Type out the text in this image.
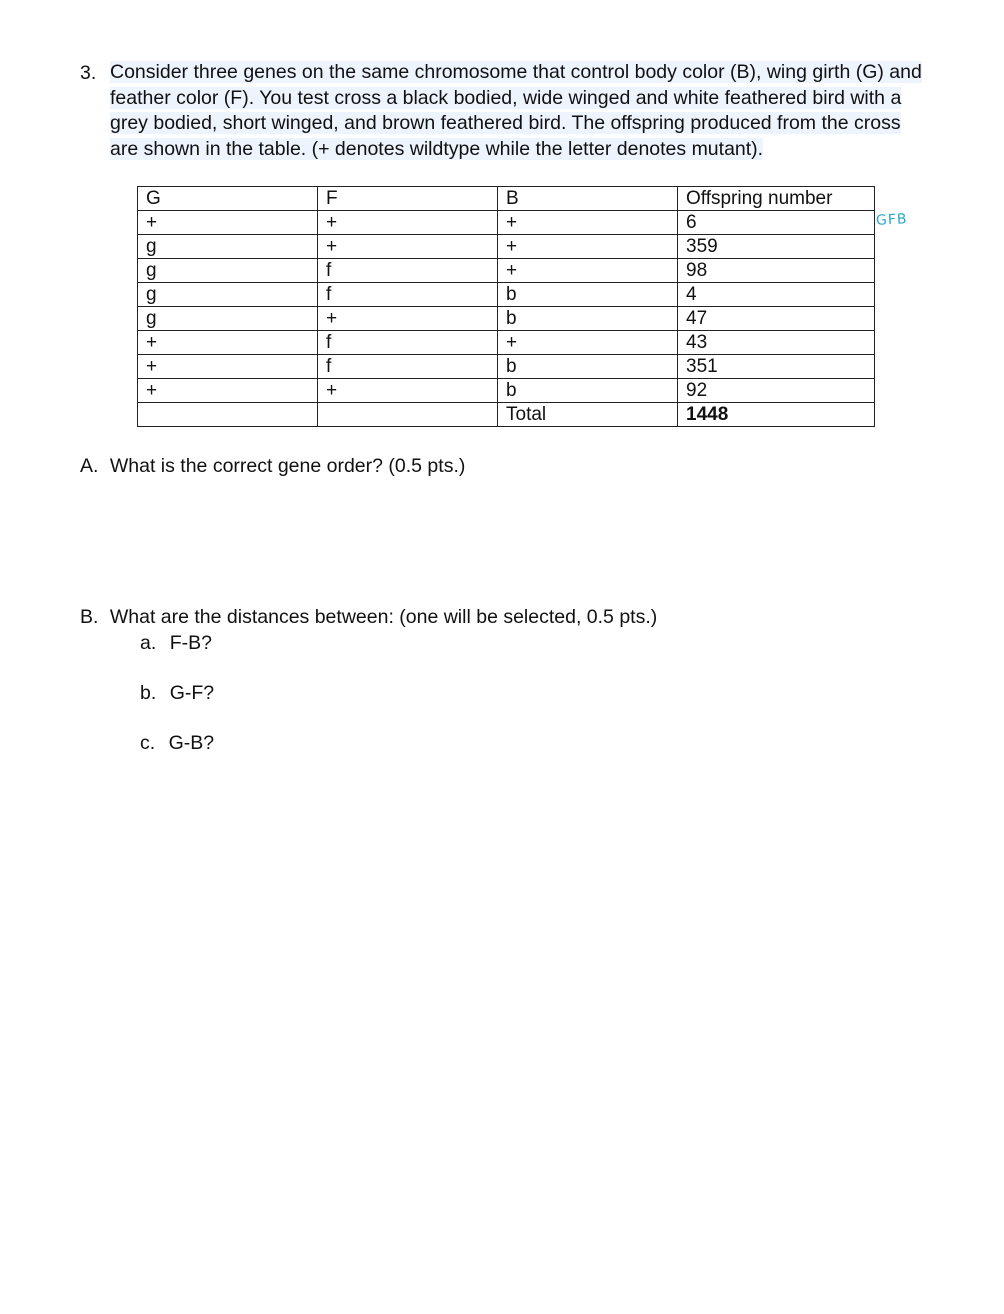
3. Consider three genes on the same chromosome that control body color (B), wing girth (G) and
feather color (F). You test cross a black bodied, wide winged and white feathered bird with a
grey bodied, short winged, and brown feathered bird. The offspring produced from the cross
are shown in the table. (+ denotes wildtype while the letter denotes mutant).
G	F	B	Offspring number
+	+	+	6
g	+	+	359
g	f	+	98
g	f	b	4
g	+	b	47
+	f	+	43
+	f	b	351
+	+	b	92
		Total	1448
GFB
A. What is the correct gene order? (0.5 pts.)
B. What are the distances between: (one will be selected, 0.5 pts.)
a. F-B?
b. G-F?
c. G-B?
